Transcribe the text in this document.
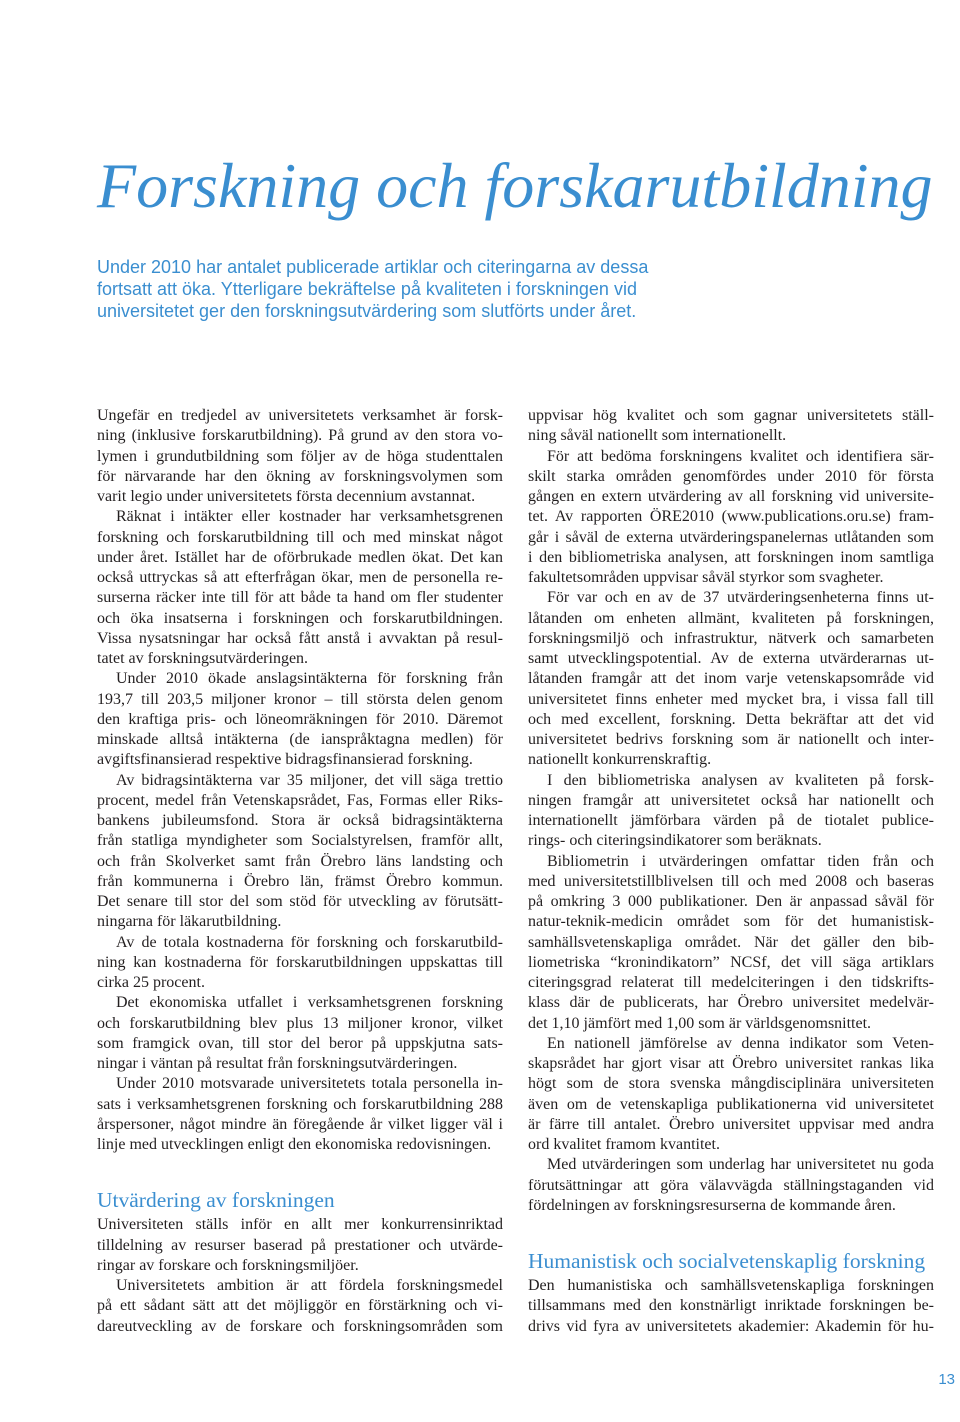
Forskning och forskarutbildning
Under 2010 har antalet publicerade artiklar och citeringarna av dessa
fortsatt att öka. Ytterligare bekräftelse på kvaliteten i forskningen vid
universitetet ger den forskningsutvärdering som slutförts under året.
Ungefär en tredjedel av universitetets verksamhet är forsk-
ning (inklusive forskarutbildning). På grund av den stora vo-
lymen i grundutbildning som följer av de höga studenttalen
för närvarande har den ökning av forskningsvolymen som
varit legio under universitetets första decennium avstannat.
Räknat i intäkter eller kostnader har verksamhetsgrenen
forskning och forskarutbildning till och med minskat något
under året. Istället har de oförbrukade medlen ökat. Det kan
också uttryckas så att efterfrågan ökar, men de personella re-
surserna räcker inte till för att både ta hand om fler studenter
och öka insatserna i forskningen och forskarutbildningen.
Vissa nysatsningar har också fått anstå i avvaktan på resul-
tatet av forskningsutvärderingen.
Under 2010 ökade anslagsintäkterna för forskning från
193,7 till 203,5 miljoner kronor – till största delen genom
den kraftiga pris- och löneomräkningen för 2010. Däremot
minskade alltså intäkterna (de ianspråktagna medlen) för
avgiftsfinansierad respektive bidragsfinansierad forskning.
Av bidragsintäkterna var 35 miljoner, det vill säga trettio
procent, medel från Vetenskapsrådet, Fas, Formas eller Riks-
bankens jubileumsfond. Stora är också bidragsintäkterna
från statliga myndigheter som Socialstyrelsen, framför allt,
och från Skolverket samt från Örebro läns landsting och
från kommunerna i Örebro län, främst Örebro kommun.
Det senare till stor del som stöd för utveckling av förutsätt-
ningarna för läkarutbildning.
Av de totala kostnaderna för forskning och forskarutbild-
ning kan kostnaderna för forskarutbildningen uppskattas till
cirka 25 procent.
Det ekonomiska utfallet i verksamhetsgrenen forskning
och forskarutbildning blev plus 13 miljoner kronor, vilket
som framgick ovan, till stor del beror på uppskjutna sats-
ningar i väntan på resultat från forskningsutvärderingen.
Under 2010 motsvarade universitetets totala personella in-
sats i verksamhetsgrenen forskning och forskarutbildning 288
årspersoner, något mindre än föregående år vilket ligger väl i
linje med utvecklingen enligt den ekonomiska redovisningen.
Utvärdering av forskningen
Universiteten ställs inför en allt mer konkurrensinriktad
tilldelning av resurser baserad på prestationer och utvärde-
ringar av forskare och forskningsmiljöer.
Universitetets ambition är att fördela forskningsmedel
på ett sådant sätt att det möjliggör en förstärkning och vi-
dareutveckling av de forskare och forskningsområden som
uppvisar hög kvalitet och som gagnar universitetets ställ-
ning såväl nationellt som internationellt.
För att bedöma forskningens kvalitet och identifiera sär-
skilt starka områden genomfördes under 2010 för första
gången en extern utvärdering av all forskning vid universite-
tet. Av rapporten ÖRE2010 (www.publications.oru.se) fram-
går i såväl de externa utvärderingspanelernas utlåtanden som
i den bibliometriska analysen, att forskningen inom samtliga
fakultetsområden uppvisar såväl styrkor som svagheter.
För var och en av de 37 utvärderingsenheterna finns ut-
låtanden om enheten allmänt, kvaliteten på forskningen,
forskningsmiljö och infrastruktur, nätverk och samarbeten
samt utvecklingspotential. Av de externa utvärderarnas ut-
låtanden framgår att det inom varje vetenskapsområde vid
universitetet finns enheter med mycket bra, i vissa fall till
och med excellent, forskning. Detta bekräftar att det vid
universitetet bedrivs forskning som är nationellt och inter-
nationellt konkurrenskraftig.
I den bibliometriska analysen av kvaliteten på forsk-
ningen framgår att universitetet också har nationellt och
internationellt jämförbara värden på de tiotalet publice-
rings- och citeringsindikatorer som beräknats.
Bibliometrin i utvärderingen omfattar tiden från och
med universitetstillblivelsen till och med 2008 och baseras
på omkring 3 000 publikationer. Den är anpassad såväl för
natur-teknik-medicin området som för det humanistisk-
samhällsvetenskapliga området. När det gäller den bib-
liometriska “kronindikatorn” NCSf, det vill säga artiklars
citeringsgrad relaterat till medelciteringen i den tidskrifts-
klass där de publicerats, har Örebro universitet medelvär-
det 1,10 jämfört med 1,00 som är världsgenomsnittet.
En nationell jämförelse av denna indikator som Veten-
skapsrådet har gjort visar att Örebro universitet rankas lika
högt som de stora svenska mångdisciplinära universiteten
även om de vetenskapliga publikationerna vid universitetet
är färre till antalet. Örebro universitet uppvisar med andra
ord kvalitet framom kvantitet.
Med utvärderingen som underlag har universitetet nu goda
förutsättningar att göra välavvägda ställningstaganden vid
fördelningen av forskningsresurserna de kommande åren.
Humanistisk och socialvetenskaplig forskning
Den humanistiska och samhällsvetenskapliga forskningen
tillsammans med den konstnärligt inriktade forskningen be-
drivs vid fyra av universitetets akademier: Akademin för hu-
13
